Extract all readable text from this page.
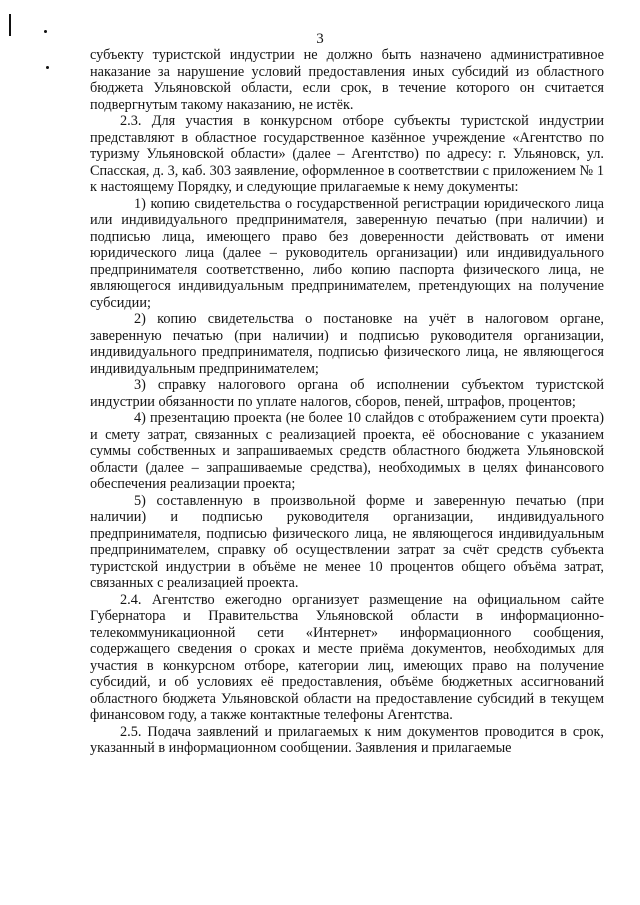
3

субъекту туристской индустрии не должно быть назначено административное наказание за нарушение условий предоставления иных субсидий из областного бюджета Ульяновской области, если срок, в течение которого он считается подвергнутым такому наказанию, не истёк.

2.3. Для участия в конкурсном отборе субъекты туристской индустрии представляют в областное государственное казённое учреждение «Агентство по туризму Ульяновской области» (далее – Агентство) по адресу: г. Ульяновск, ул. Спасская, д. 3, каб. 303 заявление, оформленное в соответствии с приложением № 1 к настоящему Порядку, и следующие прилагаемые к нему документы:

1) копию свидетельства о государственной регистрации юридического лица или индивидуального предпринимателя, заверенную печатью (при наличии) и подписью лица, имеющего право без доверенности действовать от имени юридического лица (далее – руководитель организации) или индивидуального предпринимателя соответственно, либо копию паспорта физического лица, не являющегося индивидуальным предпринимателем, претендующих на получение субсидии;

2) копию свидетельства о постановке на учёт в налоговом органе, заверенную печатью (при наличии) и подписью руководителя организации, индивидуального предпринимателя, подписью физического лица, не являющегося индивидуальным предпринимателем;

3) справку налогового органа об исполнении субъектом туристской индустрии обязанности по уплате налогов, сборов, пеней, штрафов, процентов;

4) презентацию проекта (не более 10 слайдов с отображением сути проекта) и смету затрат, связанных с реализацией проекта, её обоснование с указанием суммы собственных и запрашиваемых средств областного бюджета Ульяновской области (далее – запрашиваемые средства), необходимых в целях финансового обеспечения реализации проекта;

5) составленную в произвольной форме и заверенную печатью (при наличии) и подписью руководителя организации, индивидуального предпринимателя, подписью физического лица, не являющегося индивидуальным предпринимателем, справку об осуществлении затрат за счёт средств субъекта туристской индустрии в объёме не менее 10 процентов общего объёма затрат, связанных с реализацией проекта.

2.4. Агентство ежегодно организует размещение на официальном сайте Губернатора и Правительства Ульяновской области в информационно-телекоммуникационной сети «Интернет» информационного сообщения, содержащего сведения о сроках и месте приёма документов, необходимых для участия в конкурсном отборе, категории лиц, имеющих право на получение субсидий, и об условиях её предоставления, объёме бюджетных ассигнований областного бюджета Ульяновской области на предоставление субсидий в текущем финансовом году, а также контактные телефоны Агентства.

2.5. Подача заявлений и прилагаемых к ним документов проводится в срок, указанный в информационном сообщении. Заявления и прилагаемые
